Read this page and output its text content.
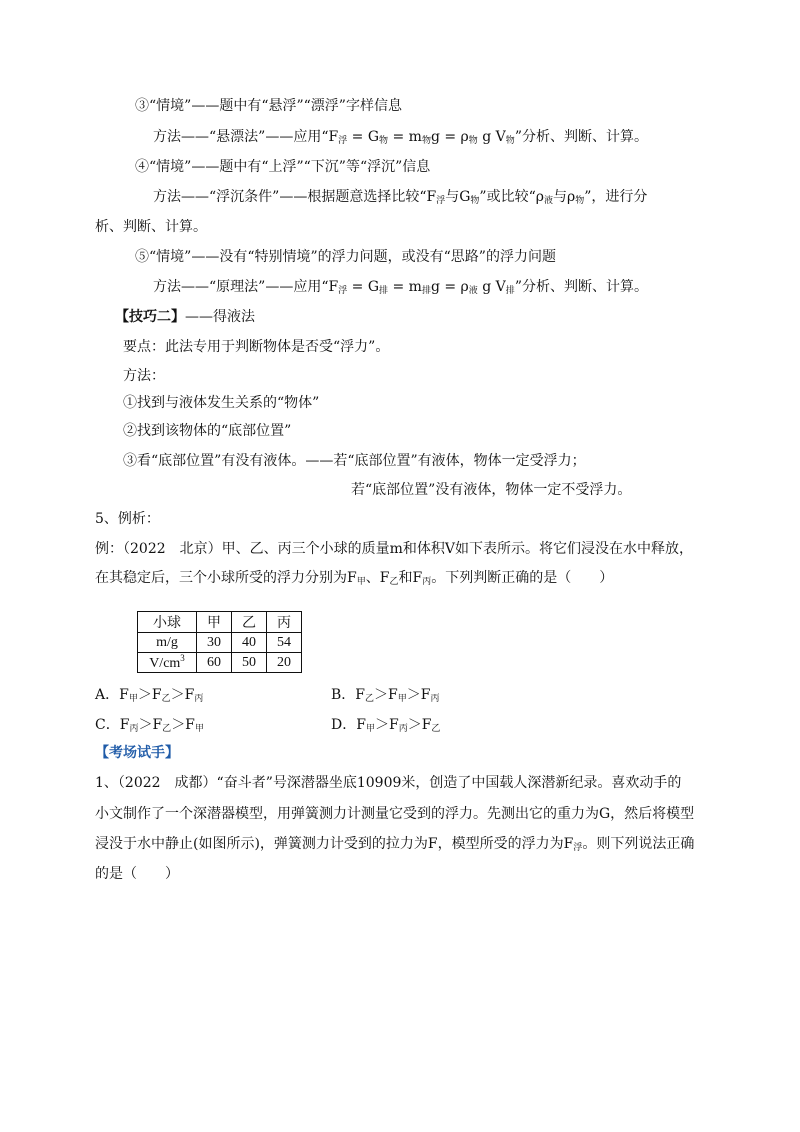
③“情境”——题中有“悬浮”“漂浮”字样信息
方法——“悬漂法”——应用“$F_浮 = G_物 = m_物g = \rho_物$ g $V_物$”分析、判断、计算。
④“情境”——题中有“上浮”“下沉”等“浮沉”信息
方法——“浮沉条件”——根据题意选择比较“$F_浮$与$G_物$”或比较“$\rho_液$与$\rho_物$”，进行分
析、判断、计算。
⑤“情境”——没有“特别情境”的浮力问题，或没有“思路”的浮力问题
方法——“原理法”——应用“$F_浮 = G_排 = m_排g = \rho_液$ g $V_排$”分析、判断、计算。
【技巧二】——得液法
要点：此法专用于判断物体是否受“浮力”。
方法：
①找到与液体发生关系的“物体”
②找到该物体的“底部位置”
③看“底部位置”有没有液体。——若“底部位置”有液体，物体一定受浮力；
若“底部位置”没有液体，物体一定不受浮力。
5、例析：
例：（2022　北京）甲、乙、丙三个小球的质量m和体积V如下表所示。将它们浸没在水中释放，
在其稳定后，三个小球所受的浮力分别为$F_甲$、$F_乙$和$F_丙$。下列判断正确的是（　　）
小球	甲	乙	丙
m/g	30	40	54
$V/cm^3$	60	50	20
A．$F_甲>F_乙>F_丙$	B．$F_乙>F_甲>F_丙$
C．$F_丙>F_乙>F_甲$	D．$F_甲>F_丙>F_乙$
【考场试手】
1、（2022　成都）“奋斗者”号深潜器坐底10909米，创造了中国载人深潜新纪录。喜欢动手的
小文制作了一个深潜器模型，用弹簧测力计测量它受到的浮力。先测出它的重力为G，然后将模型
浸没于水中静止(如图所示)，弹簧测力计受到的拉力为F，模型所受的浮力为$F_浮$。则下列说法正确
的是（　　）
